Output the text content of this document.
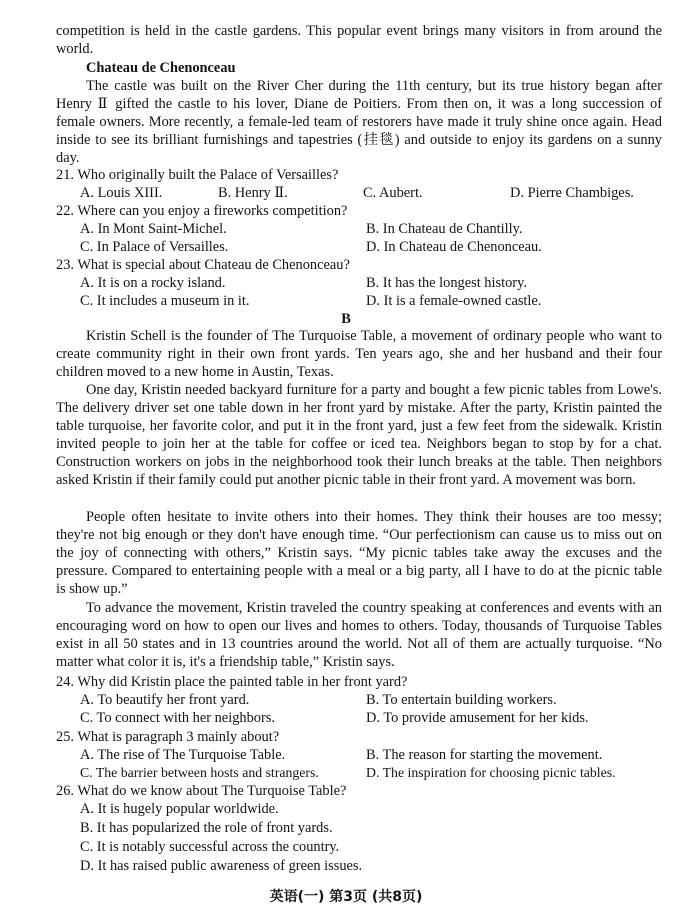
competition is held in the castle gardens. This popular event brings many visitors in from around the world.

Chateau de Chenonceau

The castle was built on the River Cher during the 11th century, but its true history began after Henry Ⅱ gifted the castle to his lover, Diane de Poitiers. From then on, it was a long succession of female owners. More recently, a female-led team of restorers have made it truly shine once again. Head inside to see its brilliant furnishings and tapestries (挂毯) and outside to enjoy its gardens on a sunny day.

21. Who originally built the Palace of Versailles?
A. Louis XIII.	B. Henry Ⅱ.	C. Aubert.	D. Pierre Chambiges.
22. Where can you enjoy a fireworks competition?
A. In Mont Saint-Michel.	B. In Chateau de Chantilly.
C. In Palace of Versailles.	D. In Chateau de Chenonceau.
23. What is special about Chateau de Chenonceau?
A. It is on a rocky island.	B. It has the longest history.
C. It includes a museum in it.	D. It is a female-owned castle.
B

Kristin Schell is the founder of The Turquoise Table, a movement of ordinary people who want to create community right in their own front yards. Ten years ago, she and her husband and their four children moved to a new home in Austin, Texas.

One day, Kristin needed backyard furniture for a party and bought a few picnic tables from Lowe's. The delivery driver set one table down in her front yard by mistake. After the party, Kristin painted the table turquoise, her favorite color, and put it in the front yard, just a few feet from the sidewalk. Kristin invited people to join her at the table for coffee or iced tea. Neighbors began to stop by for a chat. Construction workers on jobs in the neighborhood took their lunch breaks at the table. Then neighbors asked Kristin if their family could put another picnic table in their front yard. A movement was born.

People often hesitate to invite others into their homes. They think their houses are too messy; they're not big enough or they don't have enough time. “Our perfectionism can cause us to miss out on the joy of connecting with others,” Kristin says. “My picnic tables take away the excuses and the pressure. Compared to entertaining people with a meal or a big party, all I have to do at the picnic table is show up.”

To advance the movement, Kristin traveled the country speaking at conferences and events with an encouraging word on how to open our lives and homes to others. Today, thousands of Turquoise Tables exist in all 50 states and in 13 countries around the world. Not all of them are actually turquoise. “No matter what color it is, it's a friendship table,” Kristin says.

24. Why did Kristin place the painted table in her front yard?
A. To beautify her front yard.	B. To entertain building workers.
C. To connect with her neighbors.	D. To provide amusement for her kids.
25. What is paragraph 3 mainly about?
A. The rise of The Turquoise Table.	B. The reason for starting the movement.
C. The barrier between hosts and strangers.	D. The inspiration for choosing picnic tables.
26. What do we know about The Turquoise Table?
A. It is hugely popular worldwide.
B. It has popularized the role of front yards.
C. It is notably successful across the country.
D. It has raised public awareness of green issues.
英语(一) 第3页 (共8页)
